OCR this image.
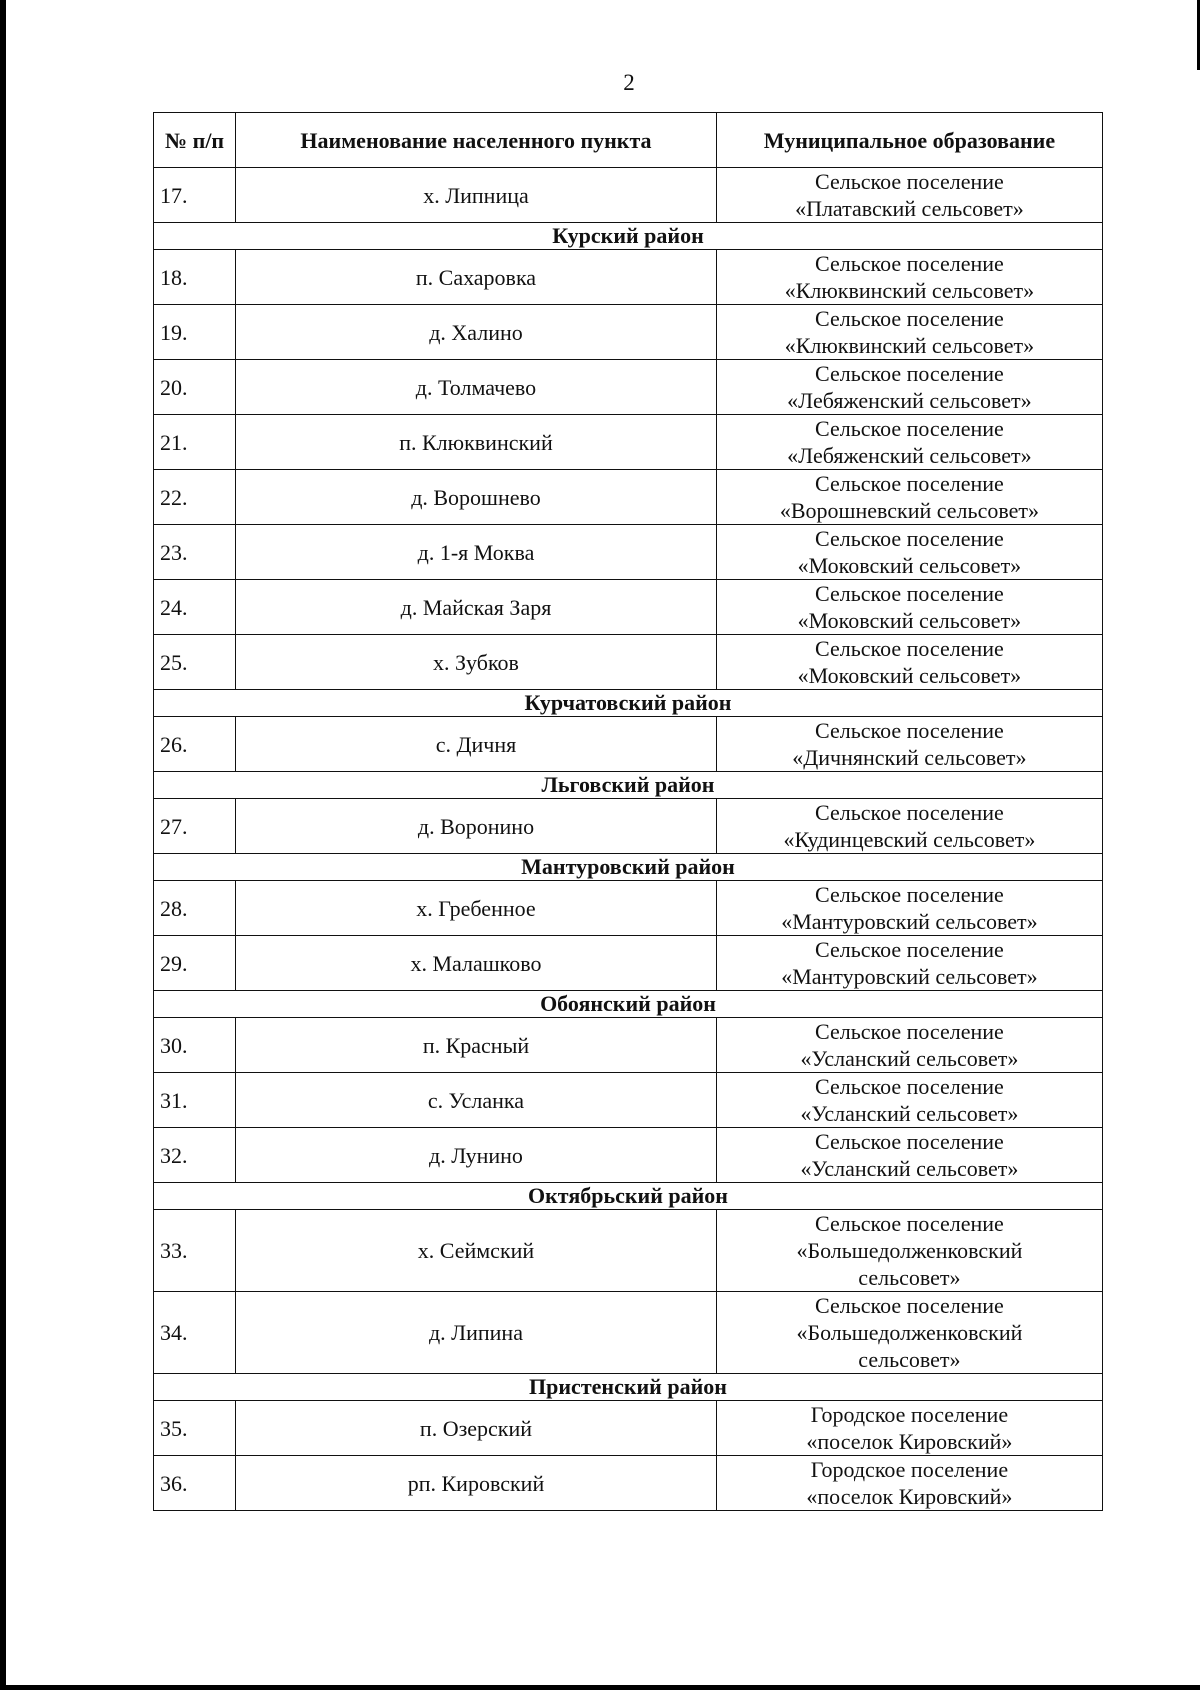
2
№ п/п	Наименование населенного пункта	Муниципальное образование
17.	х. Липница	Сельское поселение
«Платавский сельсовет»

Курский район		
18.	п. Сахаровка	Сельское поселение
«Клюквинский сельсовет»

19.	д. Халино	Сельское поселение
«Клюквинский сельсовет»

20.	д. Толмачево	Сельское поселение
«Лебяженский сельсовет»

21.	п. Клюквинский	Сельское поселение
«Лебяженский сельсовет»

22.	д. Ворошнево	Сельское поселение
«Ворошневский сельсовет»

23.	д. 1-я Моква	Сельское поселение
«Моковский сельсовет»

24.	д. Майская Заря	Сельское поселение
«Моковский сельсовет»

25.	х. Зубков	Сельское поселение
«Моковский сельсовет»

Курчатовский район		
26.	с. Дичня	Сельское поселение
«Дичнянский сельсовет»

Льговский район		
27.	д. Воронино	Сельское поселение
«Кудинцевский сельсовет»

Мантуровский район		
28.	х. Гребенное	Сельское поселение
«Мантуровский сельсовет»

29.	х. Малашково	Сельское поселение
«Мантуровский сельсовет»

Обоянский район		
30.	п. Красный	Сельское поселение
«Усланский сельсовет»

31.	с. Усланка	Сельское поселение
«Усланский сельсовет»

32.	д. Лунино	Сельское поселение
«Усланский сельсовет»

Октябрьский район		
33.	х. Сеймский	Сельское поселение
«Большедолженковский
сельсовет»

34.	д. Липина	Сельское поселение
«Большедолженковский
сельсовет»

Пристенский район		
35.	п. Озерский	Городское поселение
«поселок Кировский»

36.	рп. Кировский	Городское поселение
«поселок Кировский»
